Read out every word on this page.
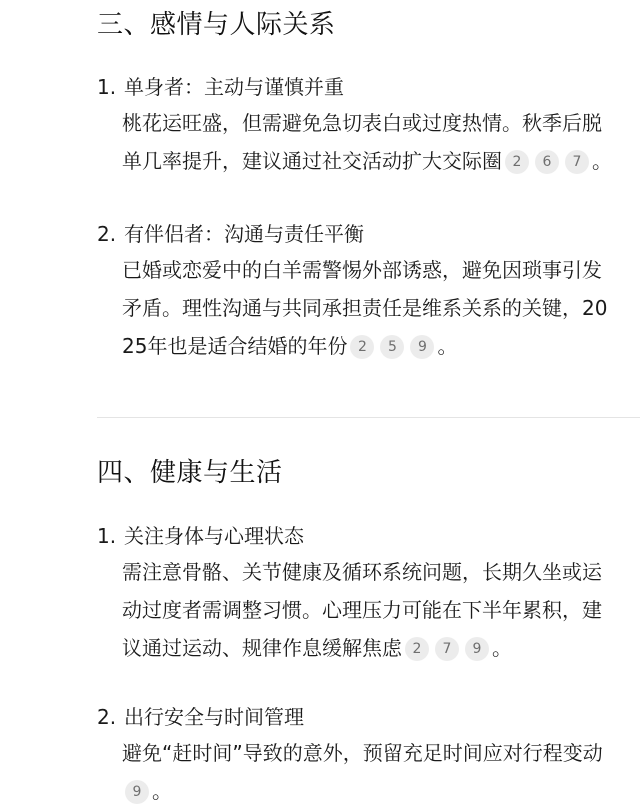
三、感情与人际关系
1. 单身者：主动与谨慎并重
桃花运旺盛，但需避免急切表白或过度热情。秋季后脱单几率提升，建议通过社交活动扩大交际圈 2 6 7 。
2. 有伴侣者：沟通与责任平衡
已婚或恋爱中的白羊需警惕外部诱惑，避免因琐事引发矛盾。理性沟通与共同承担责任是维系关系的关键，2025年也是适合结婚的年份 2 5 9 。
四、健康与生活
1. 关注身体与心理状态
需注意骨骼、关节健康及循环系统问题，长期久坐或运动过度者需调整习惯。心理压力可能在下半年累积，建议通过运动、规律作息缓解焦虑 2 7 9 。
2. 出行安全与时间管理
避免“赶时间”导致的意外，预留充足时间应对行程变动9 。
